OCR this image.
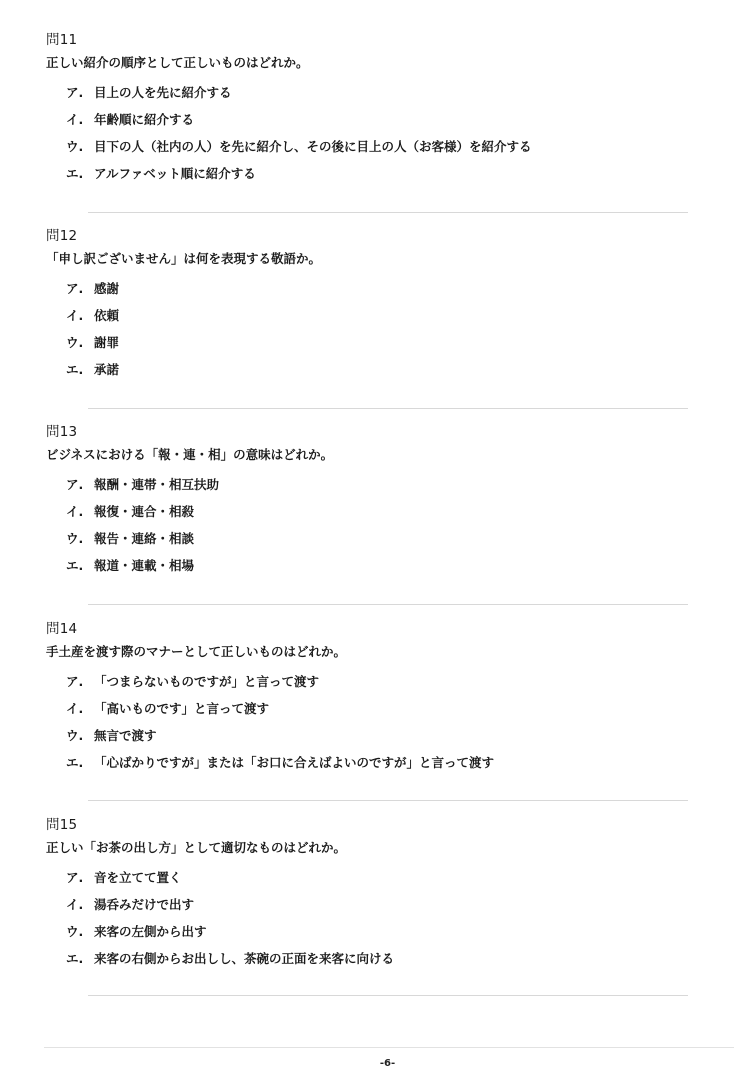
問11
正しい紹介の順序として正しいものはどれか。
ア. 目上の人を先に紹介する
イ. 年齢順に紹介する
ウ. 目下の人（社内の人）を先に紹介し、その後に目上の人（お客様）を紹介する
エ. アルファベット順に紹介する
問12
「申し訳ございません」は何を表現する敬語か。
ア. 感謝
イ. 依頼
ウ. 謝罪
エ. 承諾
問13
ビジネスにおける「報・連・相」の意味はどれか。
ア. 報酬・連帯・相互扶助
イ. 報復・連合・相殺
ウ. 報告・連絡・相談
エ. 報道・連載・相場
問14
手土産を渡す際のマナーとして正しいものはどれか。
ア. 「つまらないものですが」と言って渡す
イ. 「高いものです」と言って渡す
ウ. 無言で渡す
エ. 「心ばかりですが」または「お口に合えばよいのですが」と言って渡す
問15
正しい「お茶の出し方」として適切なものはどれか。
ア. 音を立てて置く
イ. 湯呑みだけで出す
ウ. 来客の左側から出す
エ. 来客の右側からお出しし、茶碗の正面を来客に向ける
-6-
